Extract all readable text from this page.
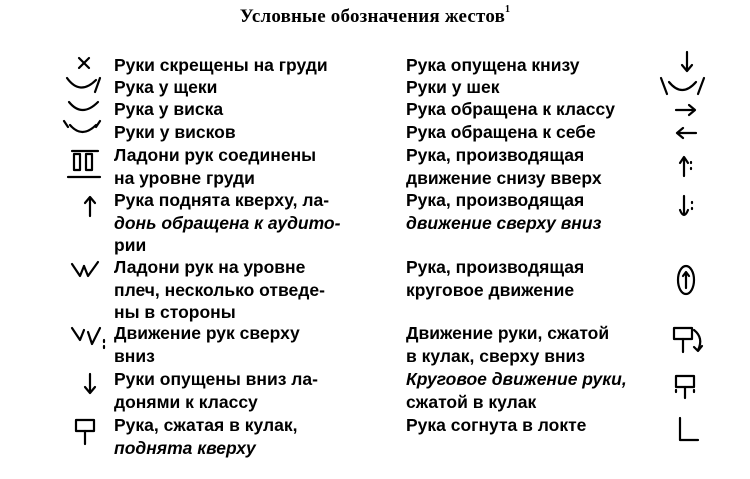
Условные обозначения жестов$^1$
Руки скрещены на груди
Рука у щеки
Рука у виска
Руки у висков
Ладони рук соединены
на уровне груди
Рука поднята кверху, ла-
донь обращена к аудито-
рии
Ладони рук на уровне
плеч, несколько отведе-
ны в стороны
Движение рук сверху
вниз
Руки опущены вниз ла-
донями к классу
Рука, сжатая в кулак,
поднята кверху
Рука опущена книзу
Руки у шек
Рука обращена к классу
Рука обращена к себе
Рука, производящая
движение снизу вверх
Рука, производящая
движение сверху вниз
Рука, производящая
круговое движение
Движение руки, сжатой
в кулак, сверху вниз
Круговое движение руки,
сжатой в кулак
Рука согнута в локте
